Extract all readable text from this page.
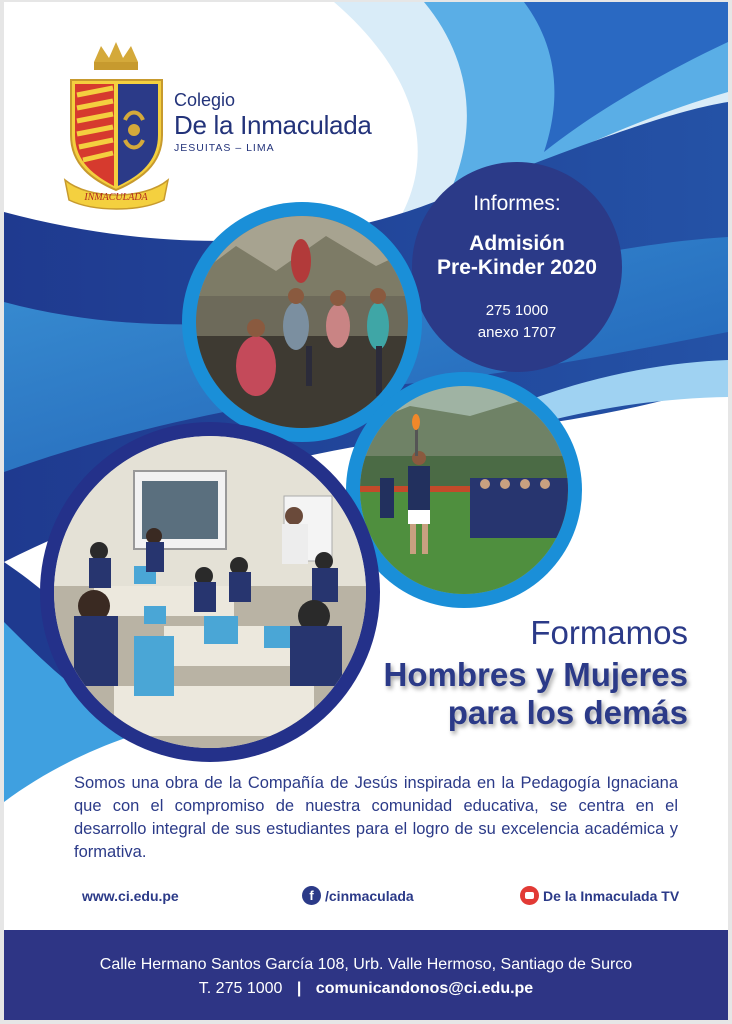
INMACULADA
Colegio
De la Inmaculada
JESUITAS – LIMA
Informes:
Admisión
Pre-Kinder 2020
275 1000
anexo 1707
Formamos
Hombres y Mujeres
para los demás
Somos una obra de la Compañía de Jesús inspirada en la Pedagogía Ignaciana que con el compromiso de nuestra comunidad educativa, se centra en el desarrollo integral de sus estudiantes para el logro de su excelencia académica y formativa.
www.ci.edu.pe	f /cinmaculada	De la Inmaculada TV
Calle Hermano Santos García 108, Urb. Valle Hermoso, Santiago de Surco
T. 275 1000 | comunicandonos@ci.edu.pe
